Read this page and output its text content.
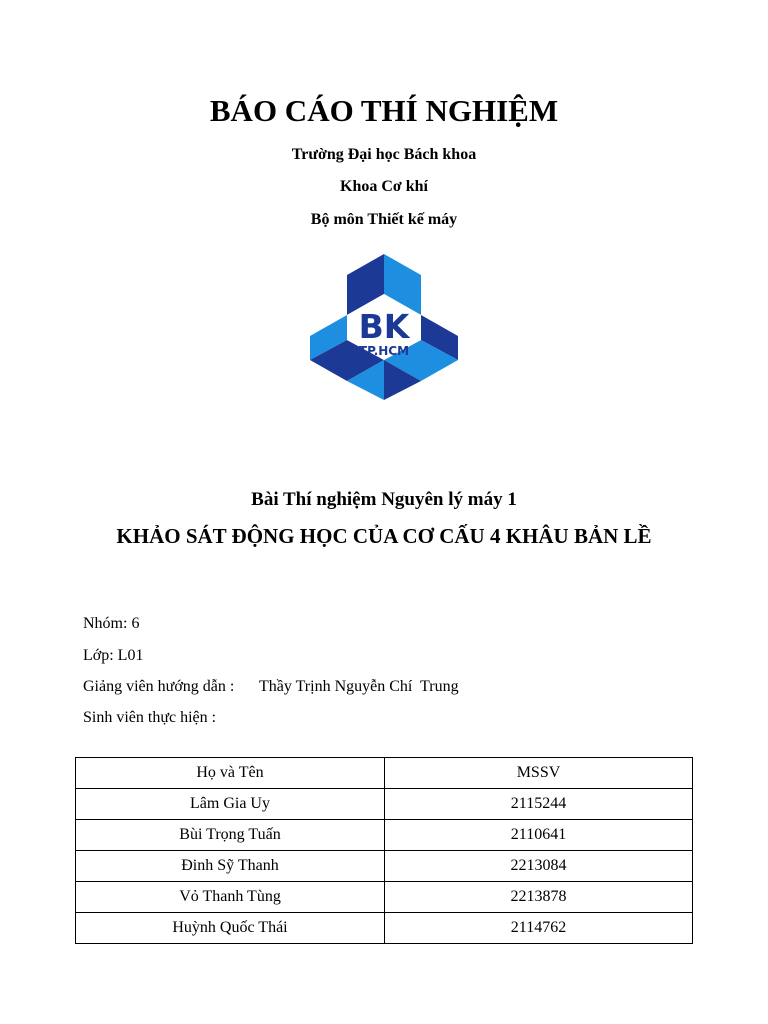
BÁO CÁO THÍ NGHIỆM
Trường Đại học Bách khoa
Khoa Cơ khí
Bộ môn Thiết kế máy
BK
TP.HCM
Bài Thí nghiệm Nguyên lý máy 1
KHẢO SÁT ĐỘNG HỌC CỦA CƠ CẤU 4 KHÂU BẢN LỀ
Nhóm: 6
Lớp: L01
Giảng viên hướng dẫn : Thầy Trịnh Nguyễn Chí  Trung
Sinh viên thực hiện :
Họ và Tên	MSSV
Lâm Gia Uy	2115244
Bùi Trọng Tuấn	2110641
Đinh Sỹ Thanh	2213084
Vỏ Thanh Tùng	2213878
Huỳnh Quốc Thái	2114762
